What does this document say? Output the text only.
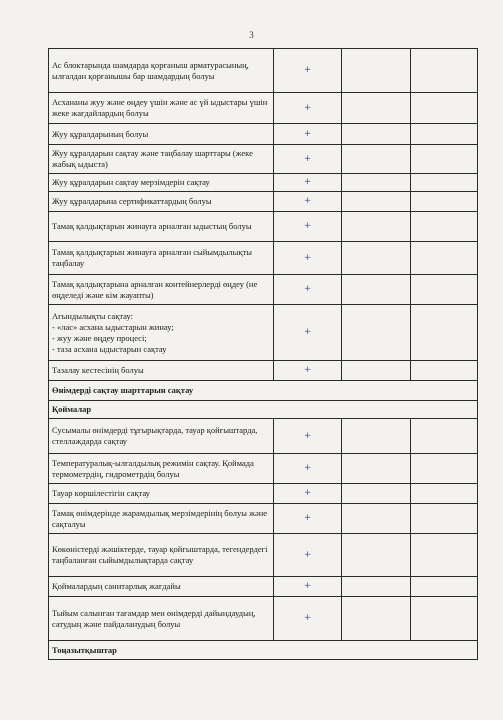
3
Ас блоктарында шамдарда қорғаныш арматурасының, ылғалдан қорғанышы бар шамдардың болуы	+		
Асхананы жуу және өңдеу үшін және ас үй ыдыстары үшін жеке жағдайлардың болуы	+		
Жуу құралдарының болуы	+		
Жуу құралдарын сақтау және таңбалау шарттары (жеке жабық ыдыста)	+		
Жуу құралдарын сақтау мерзімдерін сақтау	+		
Жуу құралдарына сертификаттардың болуы	+		
Тамақ қалдықтарын жинауға арналған ыдыстың болуы	+		
Тамақ қалдықтарын жинауға арналған сыйымдылықты таңбалау	+		
Тамақ қалдықтарына арналған контейнерлерді өңдеу (не өңделеді және кім жауапты)	+		
Ағындылықты сақтау:
- «лас» асхана ыдыстарын жинау;
- жуу және өңдеу процесі;
- таза асхана ыдыстарын сақтау	+		
Тазалау кестесінің болуы	+		
Өнімдерді сақтау шарттарын сақтау			
Қоймалар			
Сусымалы өнімдерді тұғырықтарда, тауар қойғыштарда, стеллаждарда сақтау	+		
Температуралық-ылғалдылық режимін сақтау. Қоймада термометрдің, гидрометрдің болуы	+		
Тауар көршілестігін сақтау	+		
Тамақ өнімдерінде жарамдылық мерзімдерінің болуы және сақталуы	+		
Көкөністерді жәшіктерде, тауар қойғыштарда, тегендердегі таңбаланған сыйымдылықтарда сақтау	+		
Қоймалардың санитарлық жағдайы	+		
Тыйым салынған тағамдар мен өнімдерді дайындаудың, сатудың және пайдаланудың болуы	+		
Тоңазытқыштар			
